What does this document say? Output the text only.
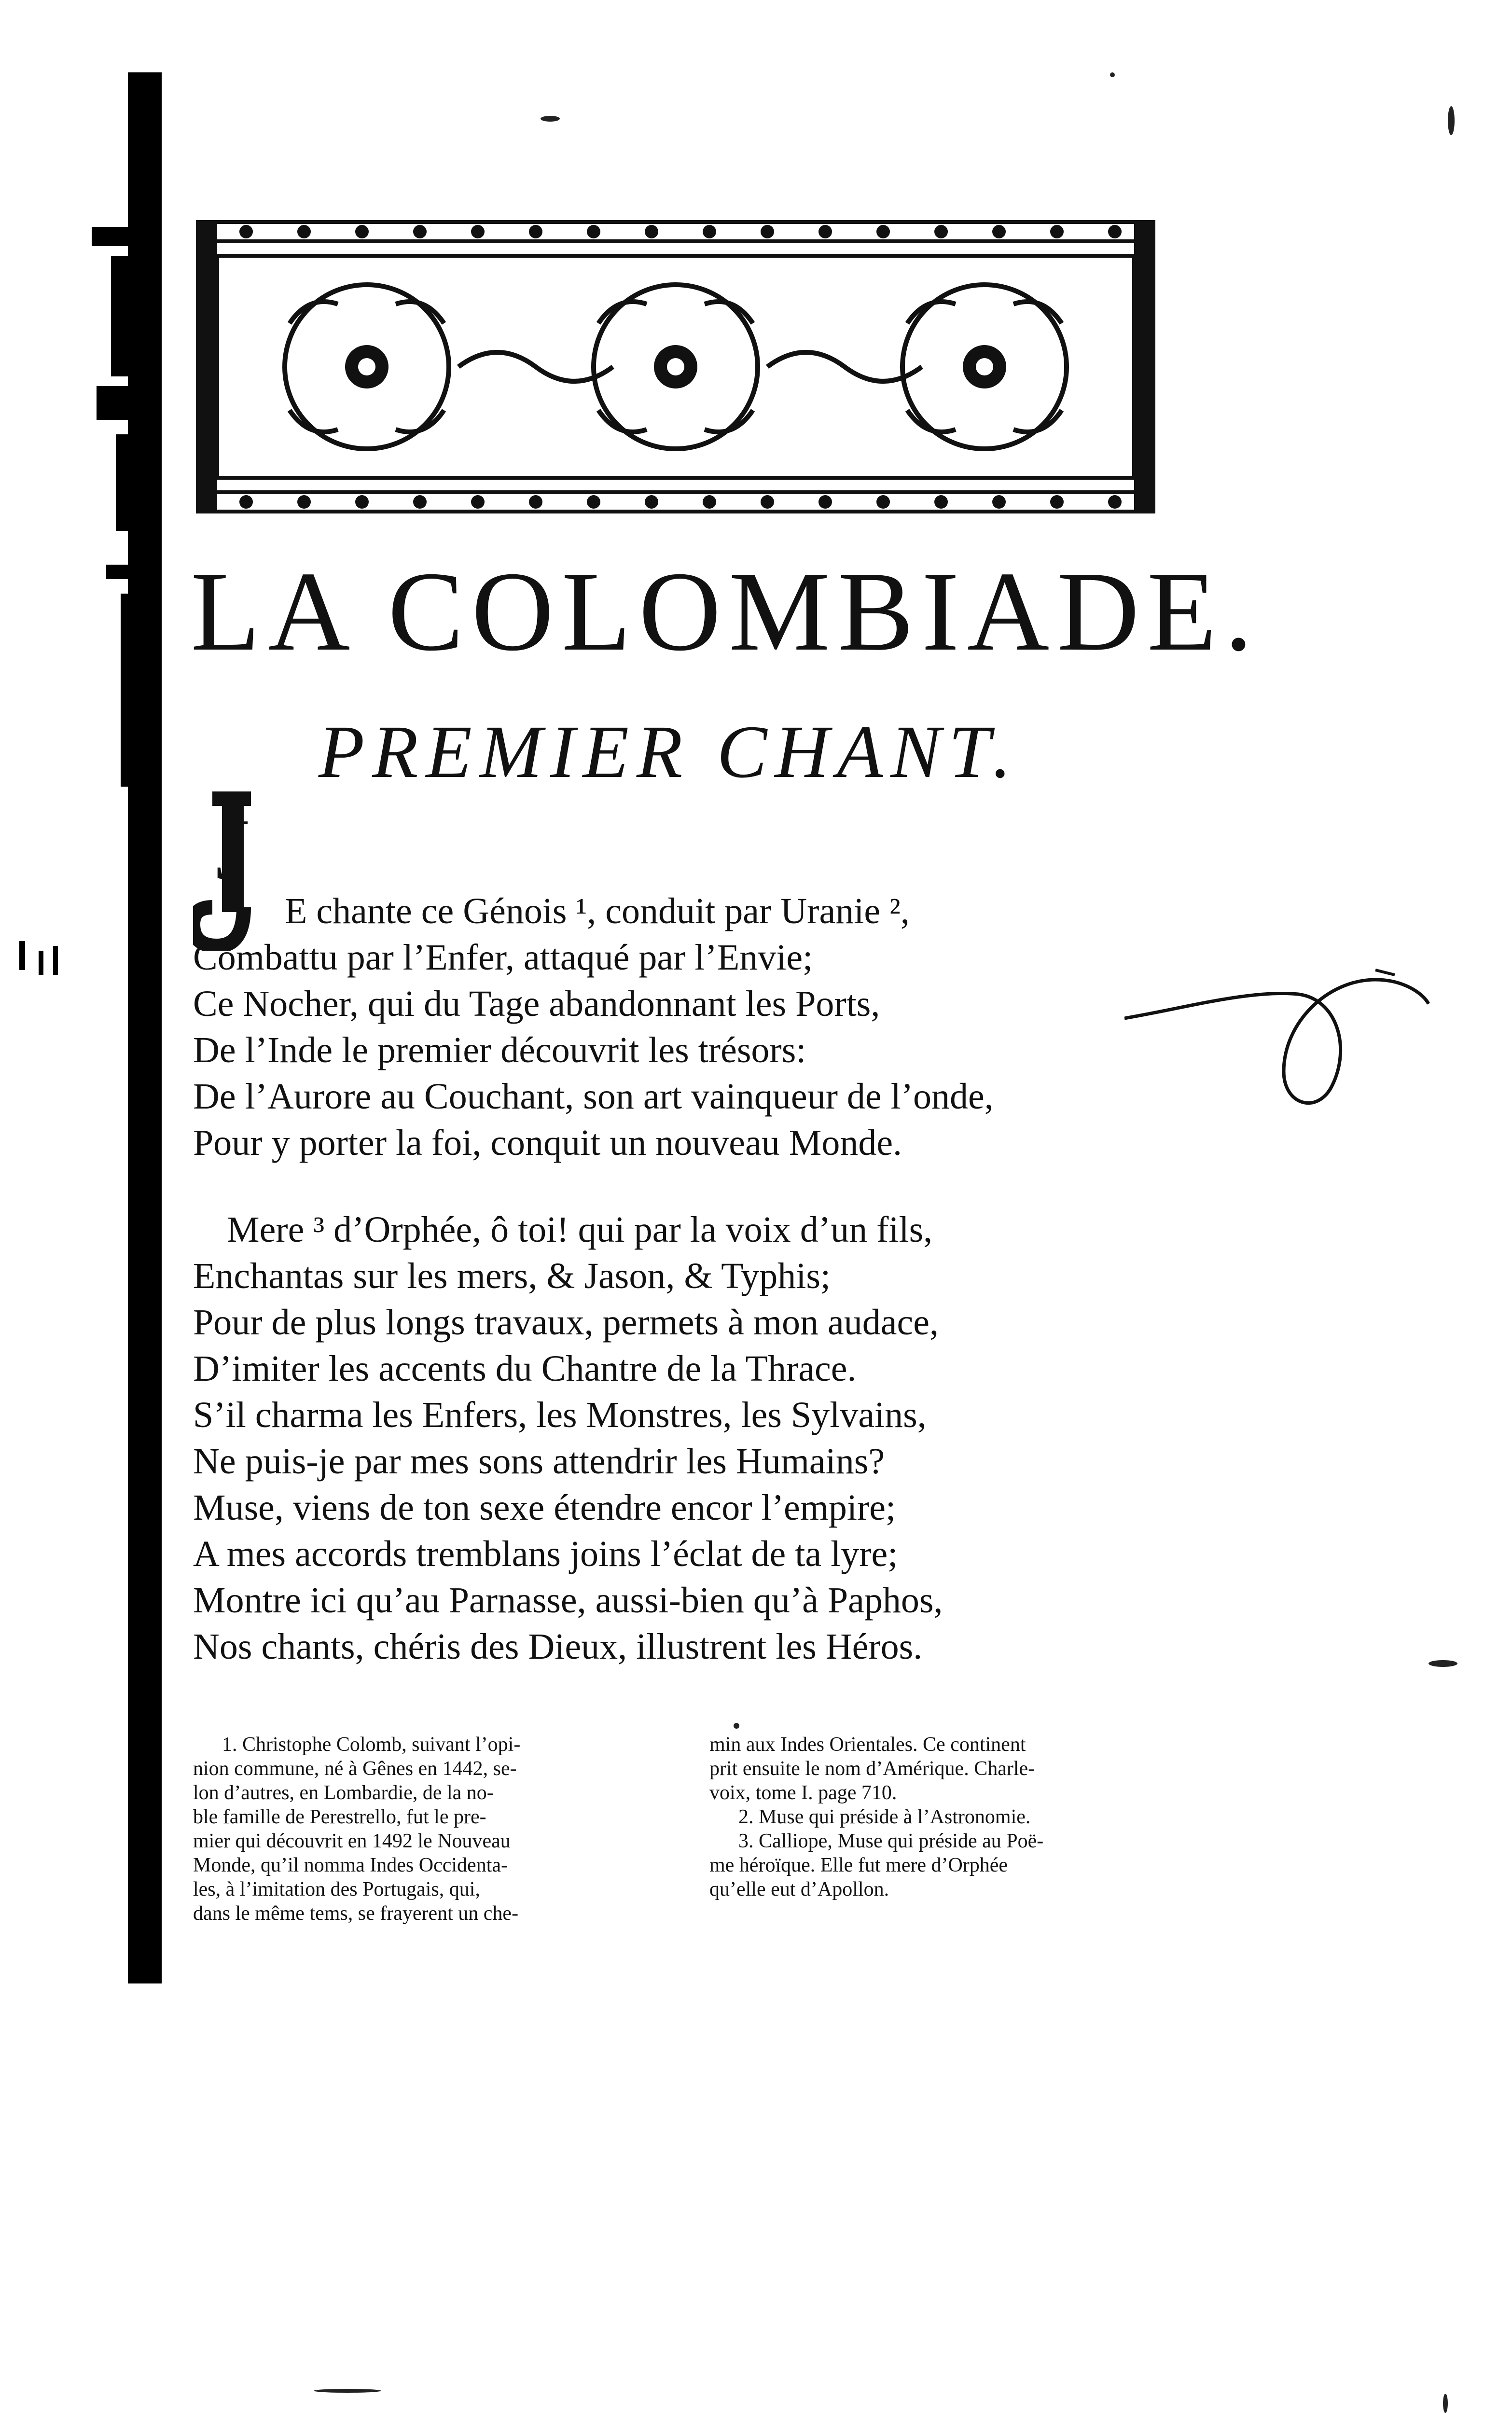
LA COLOMBIADE.
PREMIER CHANT.
J

E chante ce Génois ¹, conduit par Uranie ²,

Combattu par l’Enfer, attaqué par l’Envie;

Ce Nocher, qui du Tage abandonnant les Ports,

De l’Inde le premier découvrit les trésors:

De l’Aurore au Couchant, son art vainqueur de l’onde,

Pour y porter la foi, conquit un nouveau Monde.

Mere ³ d’Orphée, ô toi! qui par la voix d’un fils,

Enchantas sur les mers, & Jason, & Typhis;

Pour de plus longs travaux, permets à mon audace,

D’imiter les accents du Chantre de la Thrace.

S’il charma les Enfers, les Monstres, les Sylvains,

Ne puis-je par mes sons attendrir les Humains?

Muse, viens de ton sexe étendre encor l’empire;

A mes accords tremblans joins l’éclat de ta lyre;

Montre ici qu’au Parnasse, aussi-bien qu’à Paphos,

Nos chants, chéris des Dieux, illustrent les Héros.

1. Christophe Colomb, suivant l’opi-

nion commune, né à Gênes en 1442, se-

lon d’autres, en Lombardie, de la no-

ble famille de Perestrello, fut le pre-

mier qui découvrit en 1492 le Nouveau

Monde, qu’il nomma Indes Occidenta-

les, à l’imitation des Portugais, qui,

dans le même tems, se frayerent un che-

min aux Indes Orientales. Ce continent

prit ensuite le nom d’Amérique. Charle-

voix, tome I. page 710.

2. Muse qui préside à l’Astronomie.

3. Calliope, Muse qui préside au Poë-

me héroïque. Elle fut mere d’Orphée

qu’elle eut d’Apollon.
